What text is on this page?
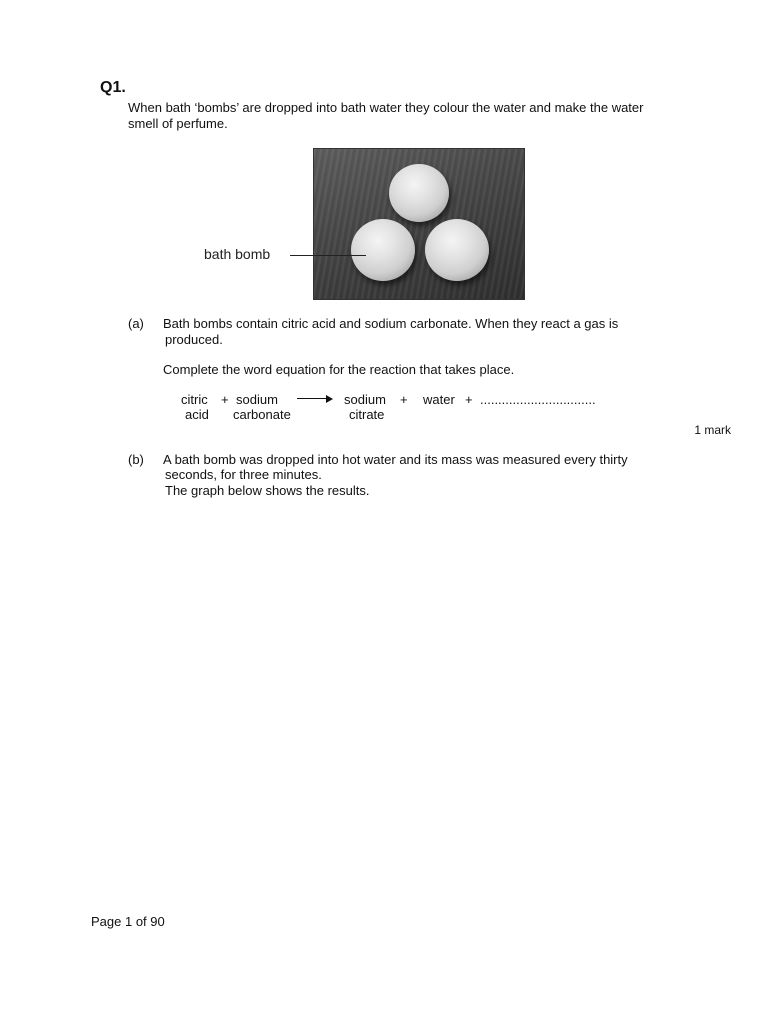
Q1.
When bath ‘bombs’ are dropped into bath water they colour the water and make the water
smell of perfume.
bath bomb
(a) Bath bombs contain citric acid and sodium carbonate. When they react a gas is
produced.
Complete the word equation for the reaction that takes place.
citric
acid
+ sodium
carbonate
sodium
citrate
+ water + ................................
1 mark
(b) A bath bomb was dropped into hot water and its mass was measured every thirty
seconds, for three minutes.
The graph below shows the results.
Page 1 of 90
